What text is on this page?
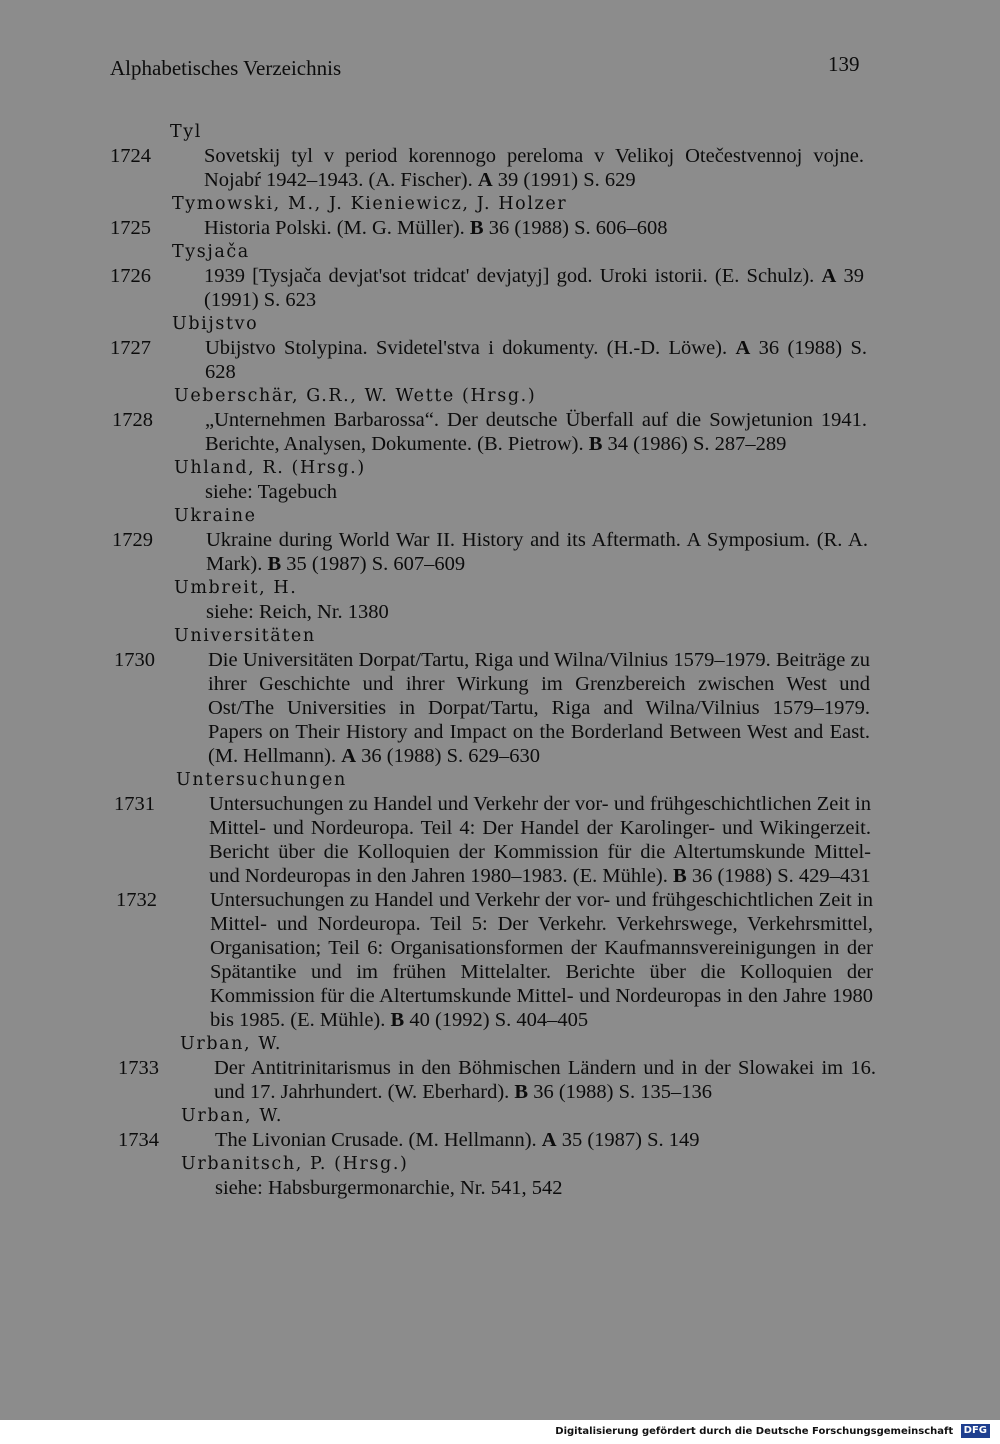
Alphabetisches Verzeichnis	139
Tyl
1724	Sovetskij tyl v period korennogo pereloma v Velikoj Otečestvennoj vojne. Nojabŕ 1942–1943. (A. Fischer). A 39 (1991) S. 629
Tymowski, M., J. Kieniewicz, J. Holzer
1725	Historia Polski. (M. G. Müller). B 36 (1988) S. 606–608
Tysjača
1726	1939 [Tysjača devjat'sot tridcat' devjatyj] god. Uroki istorii. (E. Schulz). A 39 (1991) S. 623
Ubijstvo
1727	Ubijstvo Stolypina. Svidetel'stva i dokumenty. (H.-D. Löwe). A 36 (1988) S. 628
Ueberschär, G.R., W. Wette (Hrsg.)
1728	„Unternehmen Barbarossa“. Der deutsche Überfall auf die Sowjetunion 1941. Berichte, Analysen, Dokumente. (B. Pietrow). B 34 (1986) S. 287–289
Uhland, R. (Hrsg.)
siehe: Tagebuch
Ukraine
1729	Ukraine during World War II. History and its Aftermath. A Symposium. (R. A. Mark). B 35 (1987) S. 607–609
Umbreit, H.
siehe: Reich, Nr. 1380
Universitäten
1730	Die Universitäten Dorpat/Tartu, Riga und Wilna/Vilnius 1579–1979. Beiträge zu ihrer Geschichte und ihrer Wirkung im Grenzbereich zwischen West und Ost/The Universities in Dorpat/Tartu, Riga and Wilna/Vilnius 1579–1979. Papers on Their History and Impact on the Borderland Between West and East. (M. Hellmann). A 36 (1988) S. 629–630
Untersuchungen
1731	Untersuchungen zu Handel und Verkehr der vor- und frühgeschichtlichen Zeit in Mittel- und Nordeuropa. Teil 4: Der Handel der Karolinger- und Wikingerzeit. Bericht über die Kolloquien der Kommission für die Altertumskunde Mittel- und Nordeuropas in den Jahren 1980–1983. (E. Mühle). B 36 (1988) S. 429–431
1732	Untersuchungen zu Handel und Verkehr der vor- und frühgeschichtlichen Zeit in Mittel- und Nordeuropa. Teil 5: Der Verkehr. Verkehrswege, Verkehrsmittel, Organisation; Teil 6: Organisationsformen der Kaufmannsvereinigungen in der Spätantike und im frühen Mittelalter. Berichte über die Kolloquien der Kommission für die Altertumskunde Mittel- und Nordeuropas in den Jahre 1980 bis 1985. (E. Mühle). B 40 (1992) S. 404–405
Urban, W.
1733	Der Antitrinitarismus in den Böhmischen Ländern und in der Slowakei im 16. und 17. Jahrhundert. (W. Eberhard). B 36 (1988) S. 135–136
Urban, W.
1734	The Livonian Crusade. (M. Hellmann). A 35 (1987) S. 149
Urbanitsch, P. (Hrsg.)
siehe: Habsburgermonarchie, Nr. 541, 542
Digitalisierung gefördert durch die Deutsche Forschungsgemeinschaft DFG
